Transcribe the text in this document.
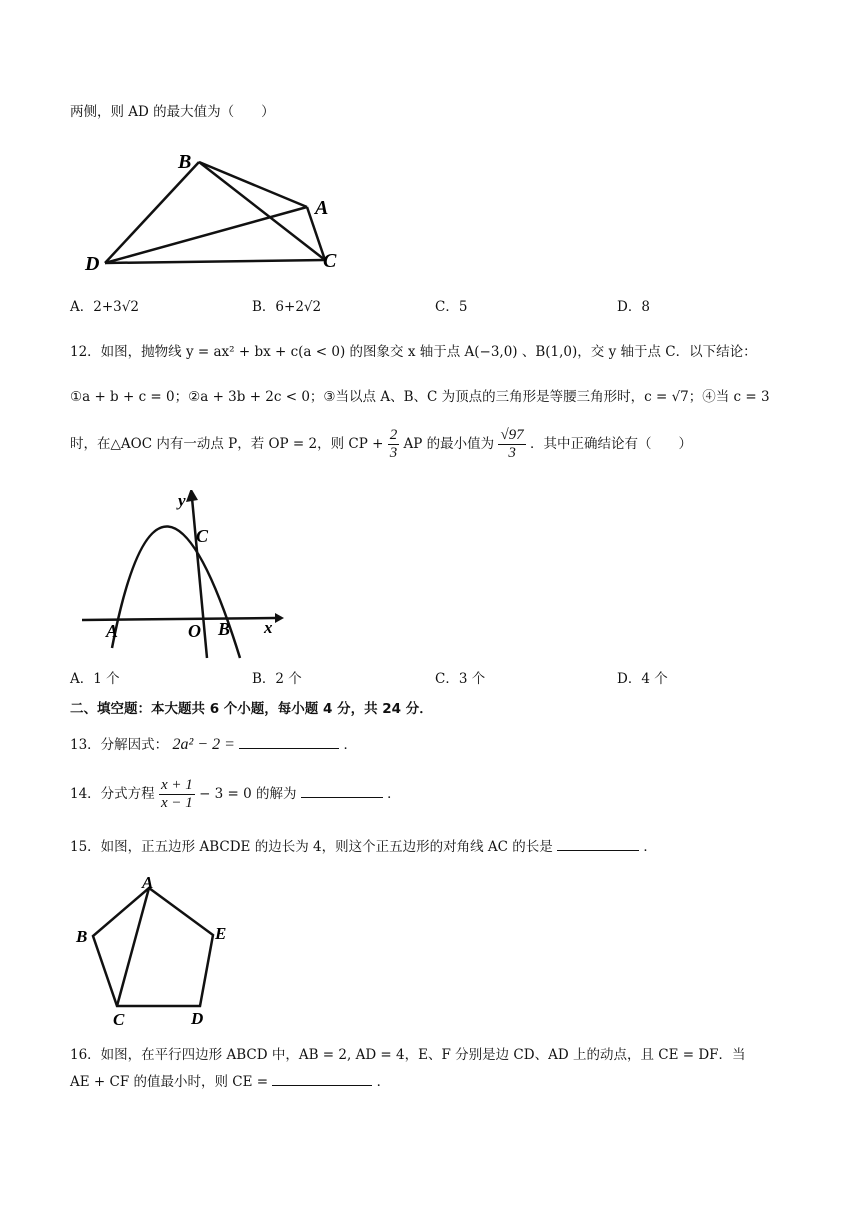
两侧，则 AD 的最大值为（　　）
B
A
D	C
A．2+3√2	B．6+2√2	C．5	D．8
12．如图，抛物线 y = ax² + bx + c(a < 0) 的图象交 x 轴于点 A(−3,0) 、B(1,0)，交 y 轴于点 C．以下结论：
①a + b + c = 0；②a + 3b + 2c < 0；③当以点 A、B、C 为顶点的三角形是等腰三角形时，c = √7；④当 c = 3
时，在△AOC 内有一动点 P，若 OP = 2，则 CP + $\frac{2}{3}$ AP 的最小值为 $\frac{√97}{3}$ ．其中正确结论有（　　）
y
C
A	O B x
A．1 个	B．2 个	C．3 个	D．4 个
二、填空题：本大题共 6 个小题，每小题 4 分，共 24 分．
13．分解因式： 2a² − 2 =	．
14．分式方程 $\frac{x + 1}{x - 1} - 3 = 0$ 的解为	．
15．如图，正五边形 ABCDE 的边长为 4，则这个正五边形的对角线 AC 的长是	．
A
B	E
C	D
16．如图，在平行四边形 ABCD 中，AB = 2, AD = 4，E、F 分别是边 CD、AD 上的动点，且 CE = DF．当
AE + CF 的值最小时，则 CE =	．
